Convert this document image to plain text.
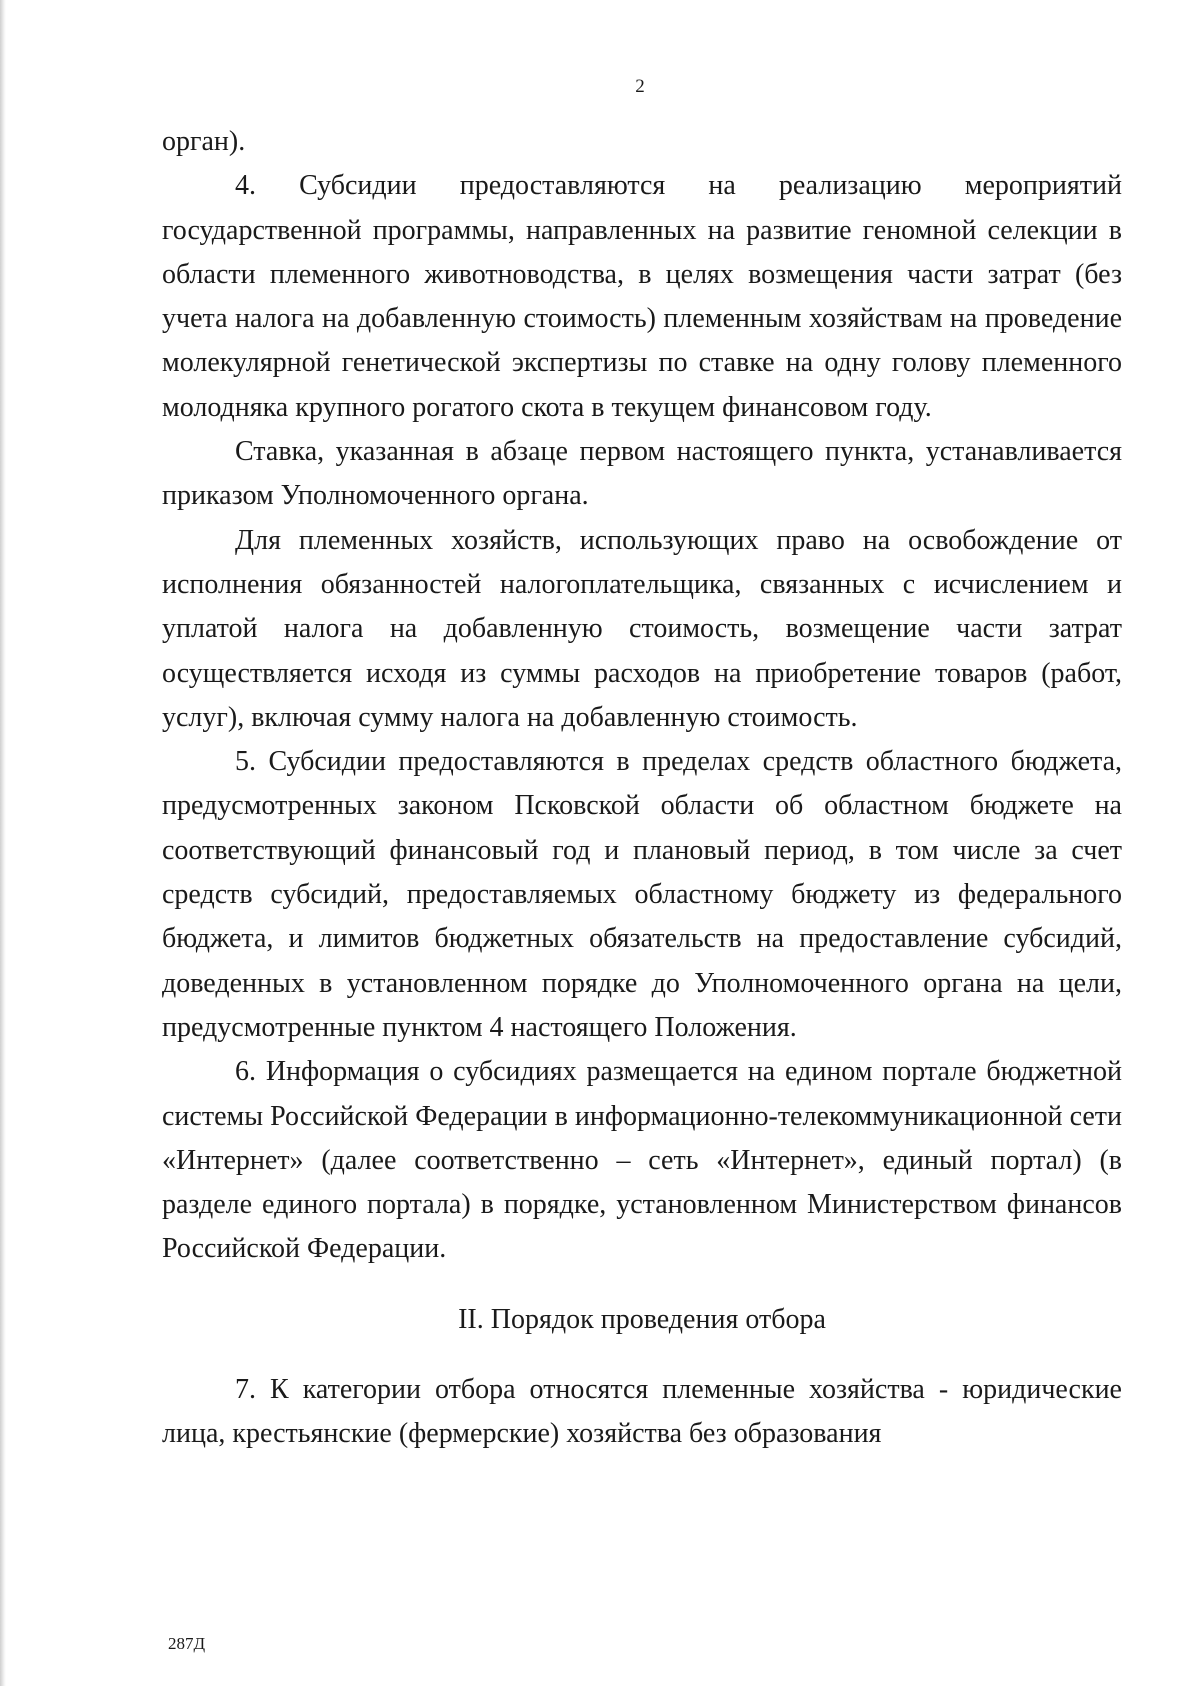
2

орган).

4. Субсидии предоставляются на реализацию мероприятий государственной программы, направленных на развитие геномной селекции в области племенного животноводства, в целях возмещения части затрат (без учета налога на добавленную стоимость) племенным хозяйствам на проведение молекулярной генетической экспертизы по ставке на одну голову племенного молодняка крупного рогатого скота в текущем финансовом году.

Ставка, указанная в абзаце первом настоящего пункта, устанавливается приказом Уполномоченного органа.

Для племенных хозяйств, использующих право на освобождение от исполнения обязанностей налогоплательщика, связанных с исчислением и уплатой налога на добавленную стоимость, возмещение части затрат осуществляется исходя из суммы расходов на приобретение товаров (работ, услуг), включая сумму налога на добавленную стоимость.

5. Субсидии предоставляются в пределах средств областного бюджета, предусмотренных законом Псковской области об областном бюджете на соответствующий финансовый год и плановый период, в том числе за счет средств субсидий, предоставляемых областному бюджету из федерального бюджета, и лимитов бюджетных обязательств на предоставление субсидий, доведенных в установленном порядке до Уполномоченного органа на цели, предусмотренные пунктом 4 настоящего Положения.

6. Информация о субсидиях размещается на едином портале бюджетной системы Российской Федерации в информационно-телекоммуникационной сети «Интернет» (далее соответственно – сеть «Интернет», единый портал) (в разделе единого портала) в порядке, установленном Министерством финансов Российской Федерации.

II. Порядок проведения отбора

7. К категории отбора относятся племенные хозяйства - юридические лица, крестьянские (фермерские) хозяйства без образования

287Д
